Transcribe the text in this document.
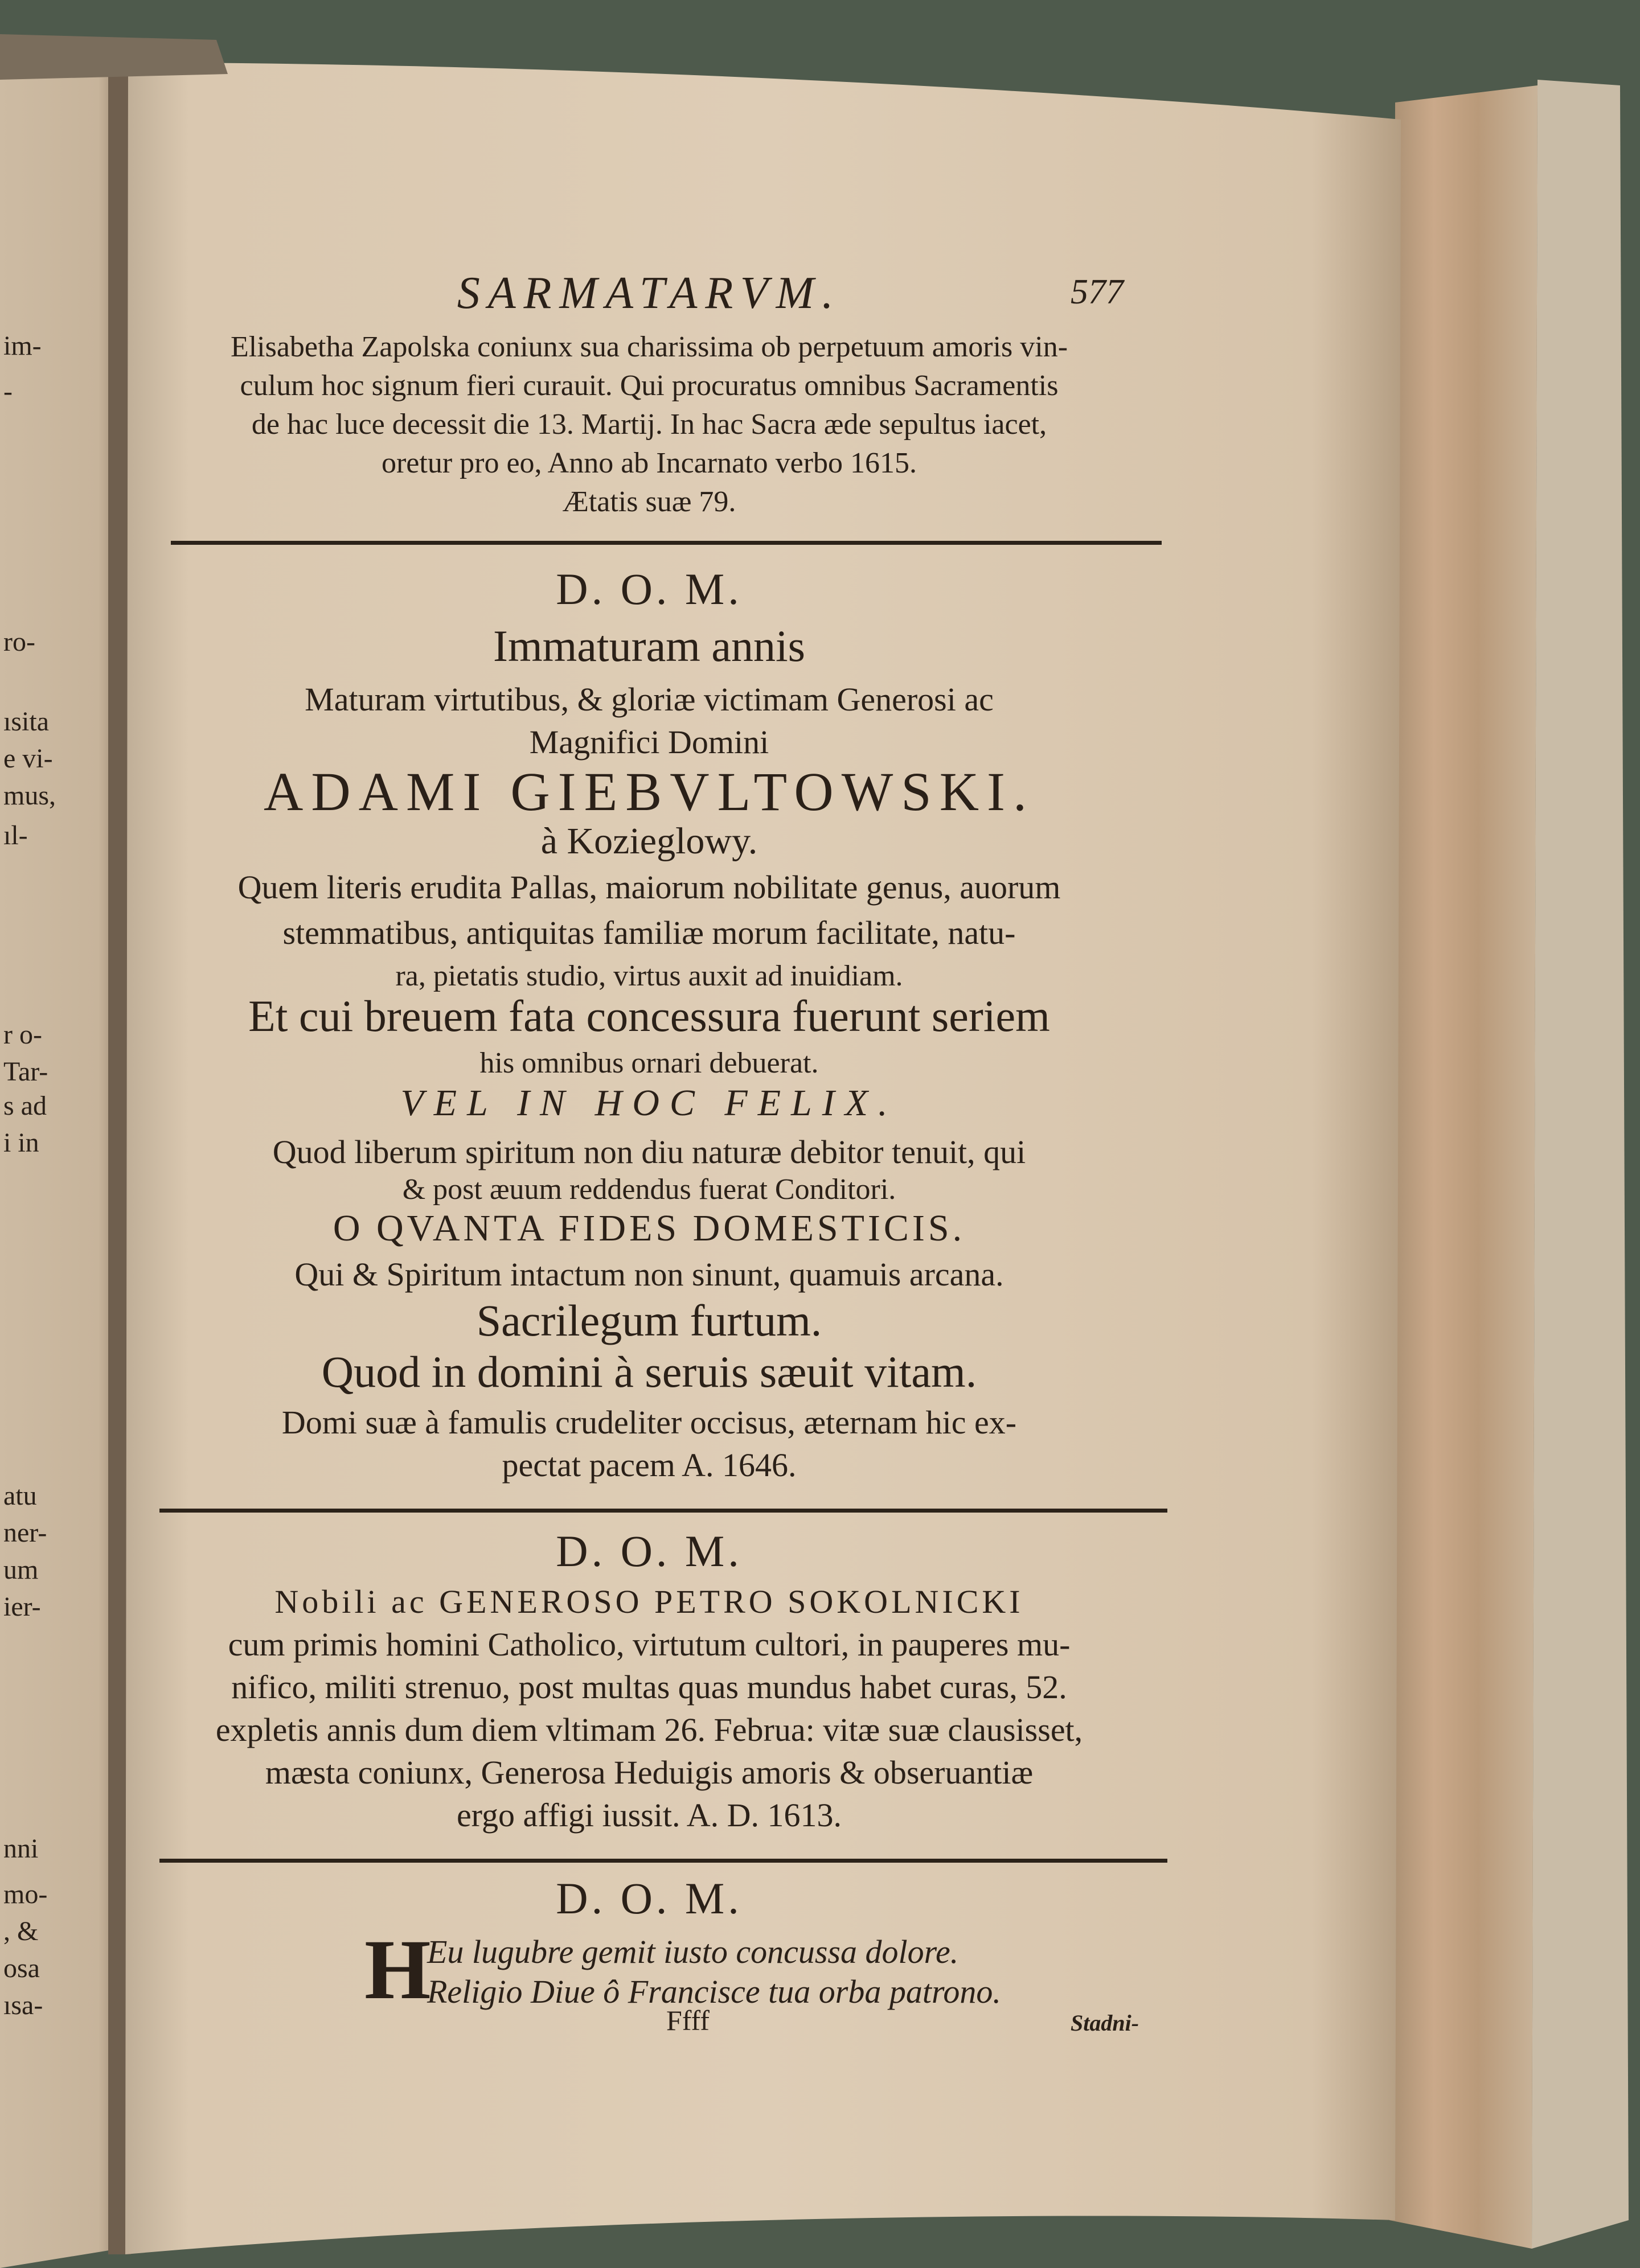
im-
-
ro-
ısita
e vi-
mus,
ıl-
r o-
Tar-
s ad
i in
atu
ner-
um
ier-
nni
mo-
, &
osa
ısa-
SARMATARVM.	577
Elisabetha Zapolska coniunx sua charissima ob perpetuum amoris vin-
culum hoc signum fieri curauit. Qui procuratus omnibus Sacramentis
de hac luce decessit die 13. Martij. In hac Sacra æde sepultus iacet,
oretur pro eo, Anno ab Incarnato verbo 1615.
Ætatis suæ 79.
D. O. M.
Immaturam annis
Maturam virtutibus, & gloriæ victimam Generosi ac
Magnifici Domini
ADAMI GIEBVLTOWSKI.
à Kozieglowy.
Quem literis erudita Pallas, maiorum nobilitate genus, auorum
stemmatibus, antiquitas familiæ morum facilitate, natu-
ra, pietatis studio, virtus auxit ad inuidiam.
Et cui breuem fata concessura fuerunt seriem
his omnibus ornari debuerat.
VEL IN HOC FELIX.
Quod liberum spiritum non diu naturæ debitor tenuit, qui
& post æuum reddendus fuerat Conditori.
O QVANTA FIDES DOMESTICIS.
Qui & Spiritum intactum non sinunt, quamuis arcana.
Sacrilegum furtum.
Quod in domini à seruis sæuit vitam.
Domi suæ à famulis crudeliter occisus, æternam hic ex-
pectat pacem A. 1646.
D. O. M.
Nobili ac GENEROSO PETRO SOKOLNICKI
cum primis homini Catholico, virtutum cultori, in pauperes mu-
nifico, militi strenuo, post multas quas mundus habet curas, 52.
expletis annis dum diem vltimam 26. Februa: vitæ suæ clausisset,
mæsta coniunx, Generosa Heduigis amoris & obseruantiæ
ergo affigi iussit. A. D. 1613.
D. O. M.
H
Eu lugubre gemit iusto concussa dolore.
Religio Diue ô Francisce tua orba patrono.
Ffff	Stadni-
